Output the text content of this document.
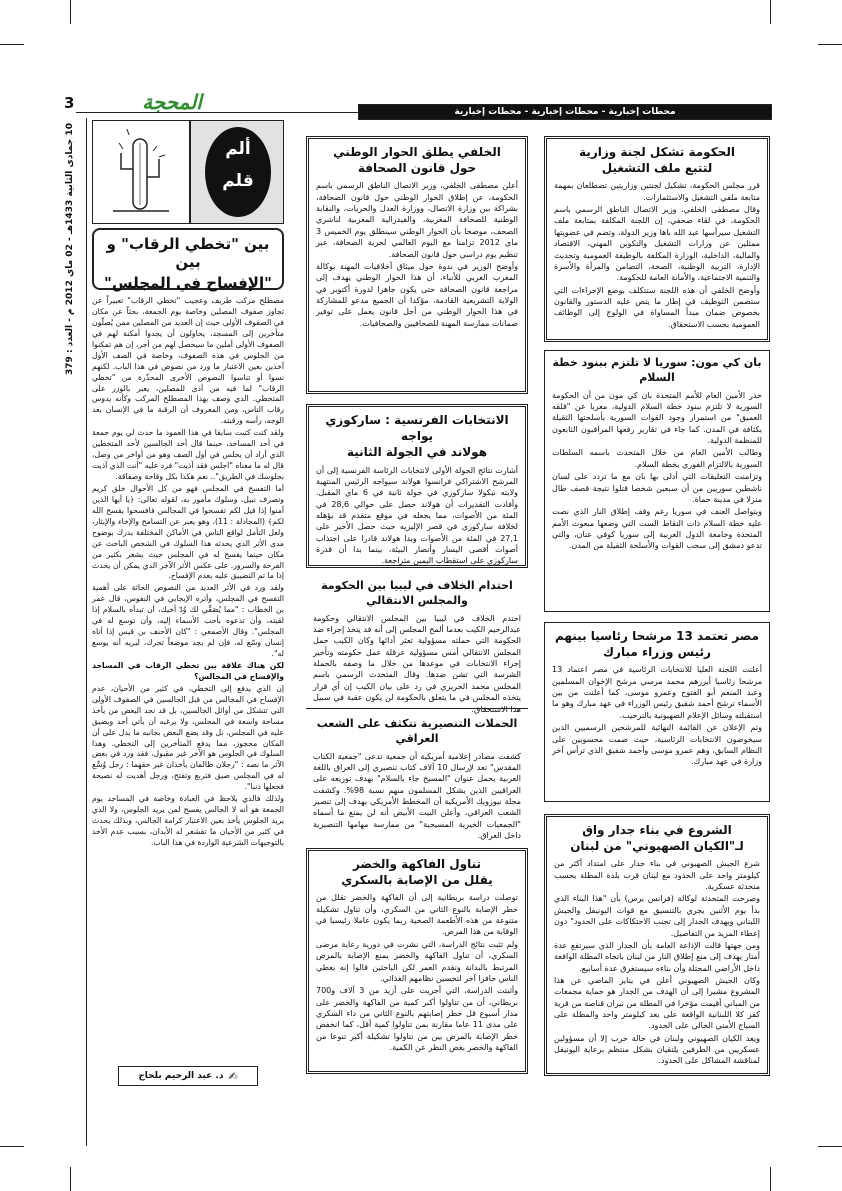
3	المحجة	محطات إخبارية - محطات إخبارية - محطات إخبارية
10 جمادى الثانية 1433هـ - 02 ماي 2012 م - العدد : 379
ألم
قلم
بين "تخطي الرقاب" و بين
"الإفساح في المجلس"

مصطلح مركب طريف وعجيب "تخطي الرقاب" تعبيراً عن تجاوز صفوف المصلين وخاصة يوم الجمعة، بحثاً عن مكان في الصفوف الأولى حيث إن العديد من المصلين ممن يُصلّون متأخرين إلى المسجد، يحاولون أن يجدوا أمكنة لهم في الصفوف الأولى أملين ما سيحصل لهم من أجر، إن هم تمكنوا من الجلوس في هذه الصفوف، وخاصة في الصف الأول آخذين بعين الاعتبار ما ورد من نصوص في هذا الباب. لكنهم نسوا أو تناسوا النصوص الأخرى المحذّرة من "تخطي الرقاب" لما فيه من أذى للمصلين، يعبر بالوزر على المتخطي. الذي وصف بهذا المصطلح المركب وكأنه يدوس رقاب الناس، ومن المعروف أن الرقبة ما في الإنسان بعد الوجه، رأسه ورقبته.

ولقد كنت كتبت سابقا في هذا العمود ما حدث لي يوم جمعة في أحد المساجد، حينما قال أحد الجالسين لأحد المتخطين الذي أراد أن يجلس في أول الصف وهو من أواخر من وصل، قال له ما معناه "اجلس فقد آذيت" فرد عليه "أنت الذي آذيت بجلوسك في الطريق".. نعم هكذا بكل وقاحة وصفاقة.

أما التفسح في المجلس فهو من كل الأحوال خلق كريم وتصرف نبيل، وسلوك مأمور به، لقوله تعالى: ﴿يا أيها الذين آمنوا إذا قيل لكم تفسحوا في المجالس فافسحوا يفسح الله لكم﴾ (المجادلة : 11)، وهو يعبر عن التسامح والإخاء والإيثار، ولعل التأمل لواقع الناس في الأماكن المختلفة يدرك بوضوح مدى الأثر الذي يحدثه هذا السلوك في الشخص الباحث عن مكان حينما يفسح له في المجلس حيث يشعر بكثير من الفرحة والسرور. على عكس الأثر الآخر الذي يمكن أن يحدث إذا ما تم التضييق عليه بعدم الإفساح.

ولقد ورد في الأثر العديد من النصوص الحاثة على أهمية التفسح في المجلس، وأثره الإيجابي في النفوس، قال عمر بن الخطاب : "مما يُصَفِّي لك وُدّ أخيك، أن تبدأه بالسلام إذا لقيته، وأن تدعوه بأحب الأسماء إليه، وأن توسع له في المجلس". وقال الأصمعي : "كان الأحنف بن قيس إذا أتاه إنسان وسّع له، فإن لم يجد موضعاً تحرك، ليريه أنه يوسع له".

لكن هناك علاقة بين تخطي الرقاب في المساجد والإفساح في المجالس؟

إن الذي يدفع إلى التخطي، في كثير من الأحيان، عدم الإفساح في المجالس من قبل الجالسين في الصفوف الأولى التي تتشكل من أوائل الجالسين، بل قد نجد البعض من يأخذ مساحة واسعة في المجلس، ولا يرغبه أن يأتي أحد ويضيق عليه في المجلس، بل وقد يضع البعض بجانبه ما يدل على أن المكان محجوز، مما يدفع المتأخرين إلى التخطي. وهذا السلوك في الجلوس هو الآخر غير مقبول، فقد ورد في بعض الآثر ما نصه : "رجلان ظالمان يأخذان غير حقهما : رجل وُسِّع له في المجلس ضيق فتربع وتفتح، ورجل أهديت له نصيحة فجعلها ذنبا".

ولذلك فالذي يلاحظ في العبادة وخاصة في المساجد يوم الجمعة هو أنه لا الجالس يفسح لمن يريد الجلوس، ولا الذي يريد الجلوس يأخذ بعين الاعتبار كرامة الجالس، وبذلك يحدث في كثير من الأحيان ما تقشعر له الأبدان، بسبب عدم الأخذ بالتوجيهات الشرعية الواردة في هذا الباب.

✍
د. عبد الرحيم بلحاج
الخلفي يطلق الحوار الوطني
حول قانون الصحافة

أعلن مصطفى الخلفي، وزير الاتصال الناطق الرسمي باسم الحكومة، عن إطلاق الحوار الوطني حول قانون الصحافة، بشراكة بين وزارة الاتصال، ووزارة العدل والحريات، والنقابة الوطنية للصحافة المغربية، والفيدرالية المغربية لناشري الصحف، موضحا بأن الحوار الوطني سينطلق يوم الخميس 3 ماي 2012 تزامنا مع اليوم العالمي لحرية الصحافة، عبر تنظيم يوم دراسي حول قانون الصحافة.

وأوضح الوزير في ندوة حول ميثاق أخلاقيات المهنة بوكالة المغرب العربي للأنباء، أن هذا الحوار الوطني يهدف إلى مراجعة قانون الصحافة حتى يكون جاهزا لدورة أكتوبر في الولاية التشريعية القادمة، مؤكدا أن الجميع مدعو للمشاركة في هذا الحوار الوطني من أجل قانون يعمل على توفير ضمانات ممارسة المهنة للصحافيين والصحافيات.

الانتخابات الفرنسية : ساركوزي يواجه
هولاند في الجولة الثانية

أشارت نتائج الجولة الأولى لانتخابات الرئاسة الفرنسية إلى أن المرشح الاشتراكي فرانسوا هولاند سيواجه الرئيس المنتهية ولايته نيكولا ساركوزي في جولة ثانية في 6 ماي المقبل. وأفادت التقديرات أن هولاند حصل على حوالي 28,6 في المئة من الأصوات، مما يجعله في موقع متقدم قد يؤهله لخلافة ساركوزي في قصر الإليزيه حيث حصل الأخير على 27,1 في المئة من الأصوات وبدا هولاند قادرا على اجتذاب أصوات أقصى اليسار وأنصار البيئة، بينما بدا أن قدرة ساركوزي على استقطاب اليمين متراجعة.

احتدام الخلاف في ليبيا بين الحكومة والمجلس الانتقالي

احتدم الخلاف في ليبيا بين المجلس الانتقالي وحكومة عبدالرحيم الكيب بعدما ألمح المجلس إلى أنه قد يتخذ إجراء ضد الحكومة التي حملته مسؤولية تعثر أدائها وكان الكيب حمل المجلس الانتقالي أمس مسؤولية عرقلة عمل حكومته وتأخير إجراء الانتخابات في موعدها من خلال ما وصفه بالحملة الشرسة التي تشن ضدها. وقال المتحدث الرسمي باسم المجلس محمد الحريزي في رد على بيان الكيب إن أي قرار يتخذه المجلس في ما يتعلق بالحكومة لن يكون عقبة في سبيل هذا الاستحقاق.

الحملات التنصيرية تتكثف على الشعب العراقي

كشفت مصادر إعلامية أمريكية أن جمعية تدعى "جمعية الكتاب المقدس" تعد لإرسال 10 آلاف كتاب تنصيري إلى العراق باللغة العربية يحمل عنوان "المسيح جاء بالسلام" بهدف توزيعه على العراقيين الذين يشكل المسلمون منهم نسبة 98%. وكشفت مجلة نيوزويك الأمريكية أن المخطط الأمريكي يهدف إلى تنصير الشعب العراقي، وأعلن البيت الأبيض أنه لن يمنع ما أسماه "الجمعيات الخيرية المسيحية" من ممارسة مهامها التنصيرية داخل العراق.

تناول الفاكهة والخضر
يقلل من الإصابة بالسكري

توصلت دراسة بريطانية إلى أن الفاكهة والخضر تقلل من خطر الإصابة بالنوع الثاني من السكري، وأن تناول تشكيلة متنوعة من هذه الأطعمة الصحية ربما يكون عاملا رئيسيا في الوقاية من هذا المرض.

ولم تثبت نتائج الدراسة، التي نشرت في دورية رعاية مرضى السكري، أن تناول الفاكهة والخضر يمنع الإصابة بالمرض المرتبط بالبدانة وتقدم العمر لكن الباحثين قالوا إنه يعطي الناس حافزا آخر لتحسين نظامهم الغذائي.

وأثبتت الدراسة، التي أجريت على أزيد من 3 آلاف و700 بريطاني، أن من تناولوا أكبر كمية من الفاكهة والخضر على مدار أسبوع قل خطر إصابتهم بالنوع الثاني من داء السكري على مدى 11 عاما مقارنة بمن تناولوا كمية أقل، كما انخفض خطر الإصابة بالمرض بين من تناولوا تشكيلة أكبر تنوعا من الفاكهة والخضر بغض النظر عن الكمية.

الحكومة تشكل لجنة وزارية
لتتبع ملف التشغيل

قرر مجلس الحكومة، تشكيل لجنتين وزاريتين تضطلعان بمهمة متابعة ملفي التشغيل والاستثمارات.

وقال مصطفى الخلفي، وزير الاتصال الناطق الرسمي باسم الحكومة، في لقاء صحفي، إن اللجنة المكلفة بمتابعة ملف التشغيل سيرأسها عبد الله باها وزير الدولة، وتضم في عضويتها ممثلين عن وزارات التشغيل والتكوين المهني، الاقتصاد والمالية، الداخلية، الوزارة المكلفة بالوظيفة العمومية وتحديث الإدارة، التربية الوطنية، الصحة، التضامن والمرأة والأسرة والتنمية الاجتماعية، والأمانة العامة للحكومة.

وأوضح الخلفي أن هذه اللجنة ستتكلف بوضع الإجراءات التي ستضمن التوظيف في إطار ما ينص عليه الدستور والقانون بخصوص ضمان مبدأ المساواة في الولوج إلى الوظائف العمومية بحسب الاستحقاق.

بان كي مون: سوريا لا تلتزم ببنود خطة السلام

حذر الأمين العام للأمم المتحدة بان كي مون من أن الحكومة السورية لا تلتزم ببنود خطة السلام الدولية، معربا عن "قلقه العميق" من استمرار وجود القوات السورية بأسلحتها الثقيلة بكثافة في المدن. كما جاء في تقارير رفعها المراقبون التابعون للمنظمة الدولية.

وطالب الأمين العام من خلال المتحدث باسمه السلطات السورية بالالتزام الفوري بخطة السلام.

وتزامنت التعليقات التي أدلى بها بان مع ما تردد على لسان ناشطين سوريين من أن سبعين شخصا قتلوا نتيجة قصف طال منزلا في مدينة حماة.

ويتواصل العنف في سوريا رغم وقف إطلاق النار الذي نصت عليه خطة السلام ذات النقاط الست التي وضعها مبعوث الأمم المتحدة وجامعة الدول العربية إلى سوريا كوفي عنان، والتي تدعو دمشق إلى سحب القوات والأسلحة الثقيلة من المدن.

مصر تعتمد 13 مرشحا رئاسيا بينهم
رئيس وزراء مبارك

أعلنت اللجنة العليا للانتخابات الرئاسية في مصر اعتماد 13 مرشحا رئاسيا أبرزهم محمد مرسي مرشح الإخوان المسلمين وعبد المنعم أبو الفتوح وعمرو موسى، كما أعلنت من بين الأسماء ترشح أحمد شفيق رئيس الوزراء في عهد مبارك وهو ما استقبلته وسائل الإعلام الصهيونية بالترحيب.

وتم الإعلان عن القائمة النهائية للمرشحين الرسميين الذين سيخوضون الانتخابات الرئاسية، حيث ضمت محسوبين على النظام السابق، وهم عمرو موسى وأحمد شفيق الذي ترأس آخر وزارة في عهد مبارك.

الشروع في بناء جدار واق
لـ"الكيان الصهيوني" من لبنان

شرع الجيش الصهيوني في بناء جدار على امتداد أكثر من كيلومتر واحد على الحدود مع لبنان قرب بلدة المطلة بحسب متحدثة عسكرية.

وصرحت المتحدثة لوكالة (فرانس برس) بأن "هذا البناء الذي بدأ يوم الأثنين يجري بالتنسيق مع قوات اليونيفل والجيش اللبناني ويهدف الجدار إلى تجنب الاحتكاكات على الحدود" دون إعطاء المزيد من التفاصيل.

ومن جهتها قالت الإذاعة العامة بأن الجدار الذي سيرتفع عدة أمتار يهدف إلى منع إطلاق النار من لبنان باتجاه المطلة الواقعة داخل الأراضي المحتلة وأن بناءه سيستغرق عدة أسابيع.

وكان الجيش الصهيوني أعلن في يناير الماضي عن هذا المشروع مشيرا إلى أن الهدف من الجدار هو حماية مجمعات من المباني أقيمت مؤخرا في المطلة من نيران قناصة من قرية كفر كلا اللبنانية الواقعة على بعد كيلومتر واحد والمطلة على السياج الأمني الحالي على الحدود.

ويعد الكيان الصهيوني ولبنان في حالة حرب إلا أن مسؤولين عسكريين من الطرفين يلتقيان بشكل منتظم برعاية اليونيفل لمناقشة المشاكل على الحدود.
